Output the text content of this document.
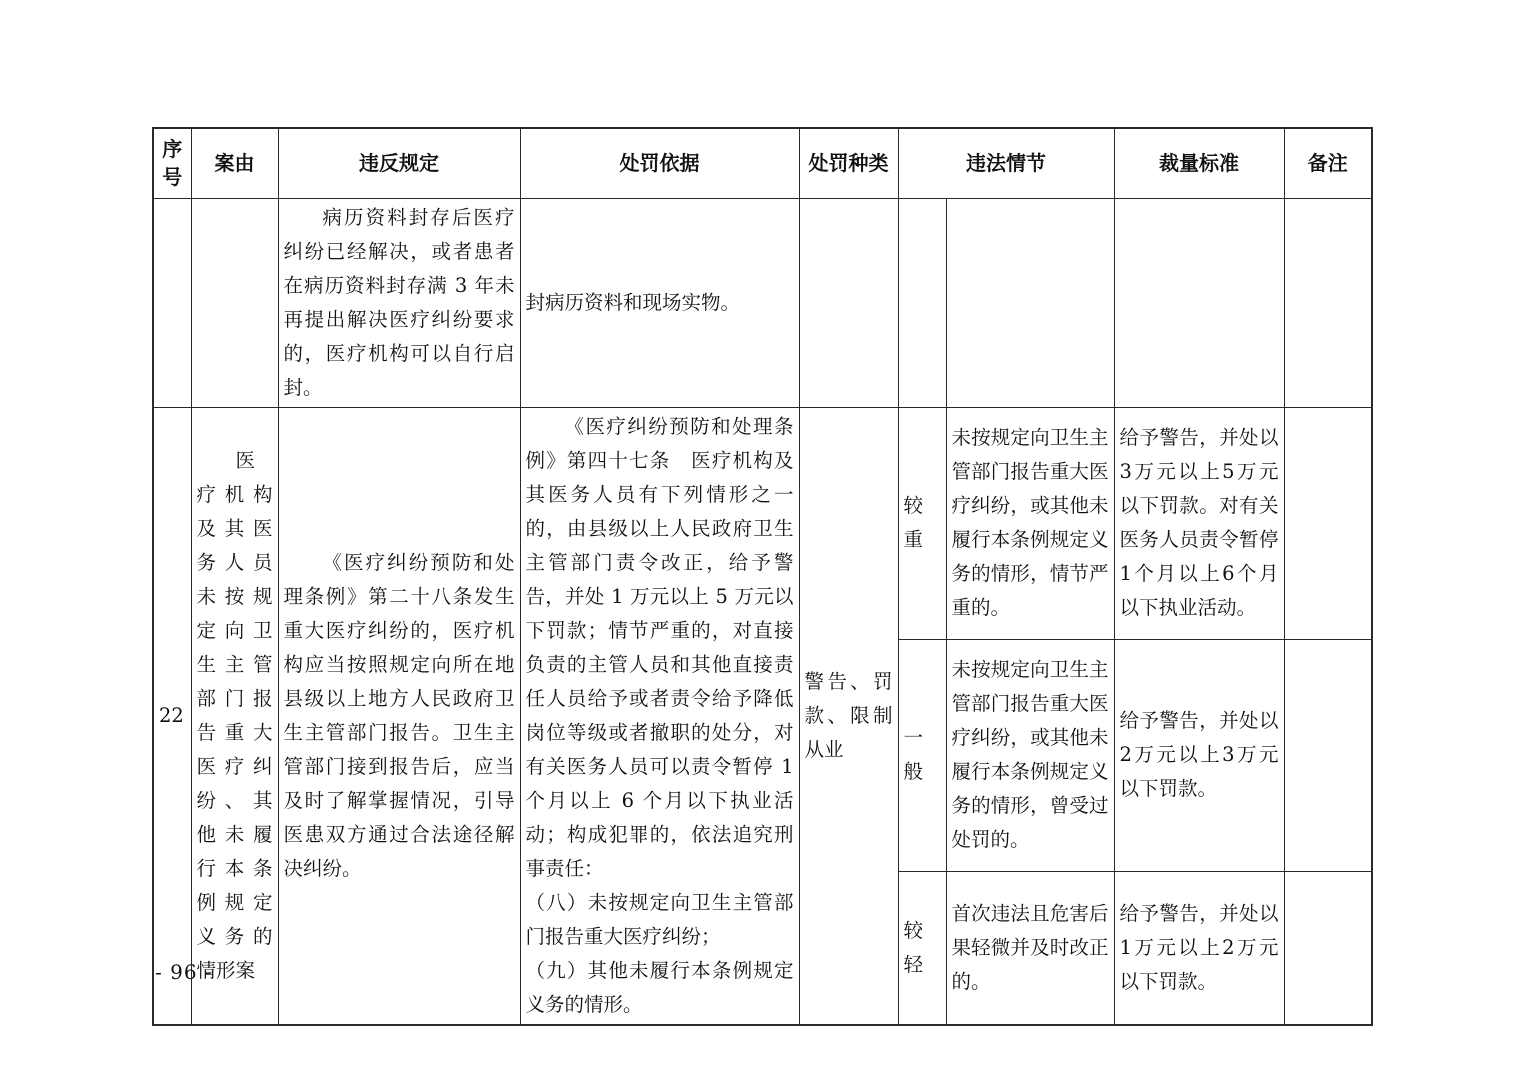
序号	案由	违反规定	处罚依据	处罚种类	违法情节		裁量标准	备注
		病历资料封存后医疗纠纷已经解决，或者患者在病历资料封存满 3 年未再提出解决医疗纠纷要求的，医疗机构可以自行启封。	封病历资料和现场实物。					
22	医疗机构及其医务人员未按规定向卫生主管部门报告重大医疗纠纷、其他未履行本条例规定义务的情形案	《医疗纠纷预防和处理条例》第二十八条发生重大医疗纠纷的，医疗机构应当按照规定向所在地县级以上地方人民政府卫生主管部门报告。卫生主管部门接到报告后，应当及时了解掌握情况，引导医患双方通过合法途径解决纠纷。	《医疗纠纷预防和处理条例》第四十七条　医疗机构及其医务人员有下列情形之一的，由县级以上人民政府卫生主管部门责令改正，给予警告，并处 1 万元以上 5 万元以下罚款；情节严重的，对直接负责的主管人员和其他直接责任人员给予或者责令给予降低岗位等级或者撤职的处分，对有关医务人员可以责令暂停 1 个月以上 6 个月以下执业活动；构成犯罪的，依法追究刑事责任：

（八）未按规定向卫生主管部门报告重大医疗纠纷；

（九）其他未履行本条例规定义务的情形。	警告、罚款、限制从业	较重	未按规定向卫生主管部门报告重大医疗纠纷，或其他未履行本条例规定义务的情形，情节严重的。	给予警告，并处以3万元以上5万元以下罚款。对有关医务人员责令暂停1个月以上6个月以下执业活动。	
					一般	未按规定向卫生主管部门报告重大医疗纠纷，或其他未履行本条例规定义务的情形，曾受过处罚的。	给予警告，并处以2万元以上3万元以下罚款。	
					较轻	首次违法且危害后果轻微并及时改正的。	给予警告，并处以1万元以上2万元以下罚款。	
- 96 -
